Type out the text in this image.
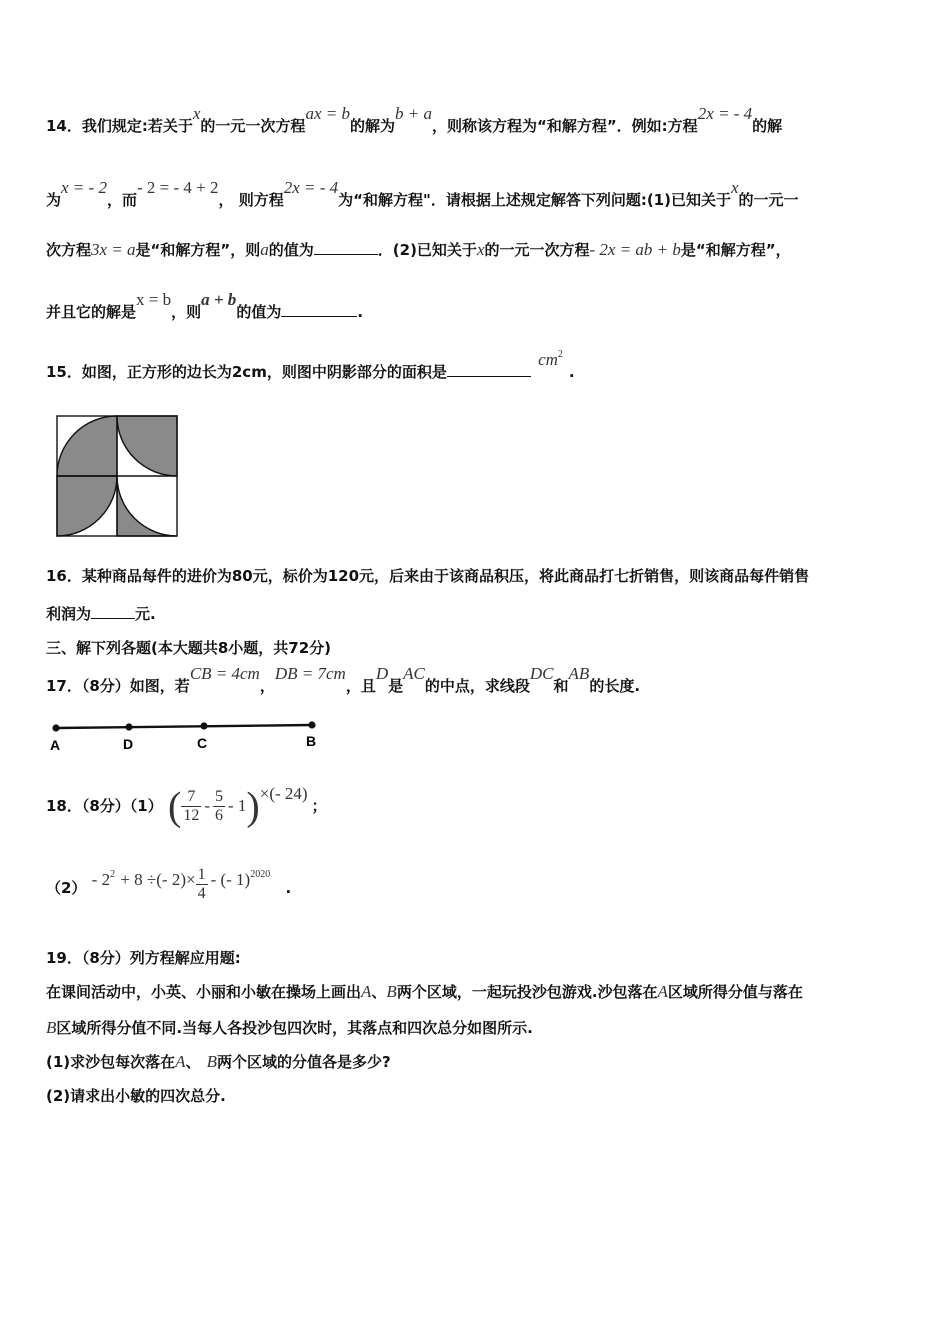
14．我们规定:若关于x的一元一次方程ax = b的解为b + a，则称该方程为“和解方程”．例如:方程2x = - 4的解
为x = - 2，而- 2 = - 4 + 2， 则方程2x = - 4为“和解方程"．请根据上述规定解答下列问题:(1)已知关于x的一元一
次方程3x = a是“和解方程”，则a的值为	．(2)已知关于x的一元一次方程- 2x = ab + b是“和解方程”，
并且它的解是x = b，则a + b的值为	.
15．如图，正方形的边长为2cm，则图中阴影部分的面积是 $cm^2$.
16．某种商品每件的进价为80元，标价为120元，后来由于该商品积压，将此商品打七折销售，则该商品每件销售
利润为	元.
三、解下列各题(本大题共8小题，共72分)
17．（8分）如图，若CB = 4cm，DB = 7cm，且D是AC的中点，求线段DC和AB的长度.
A	D	C	B
18．（8分）（1） ( $\frac{7}{12} - \frac{5}{6} - 1)\times(-$ 24)；
$(2) - 2^2 + 8$ ÷(- $2)\times \frac{1}{4}$ - (- 1)$^{2020}$ .
19．（8分）列方程解应用题:
在课间活动中，小英、小丽和小敏在操场上画出A、B两个区域，一起玩投沙包游戏.沙包落在A区域所得分值与落在
B区域所得分值不同.当每人各投沙包四次时，其落点和四次总分如图所示.
(1)求沙包每次落在A、 B两个区域的分值各是多少?
(2)请求出小敏的四次总分.
